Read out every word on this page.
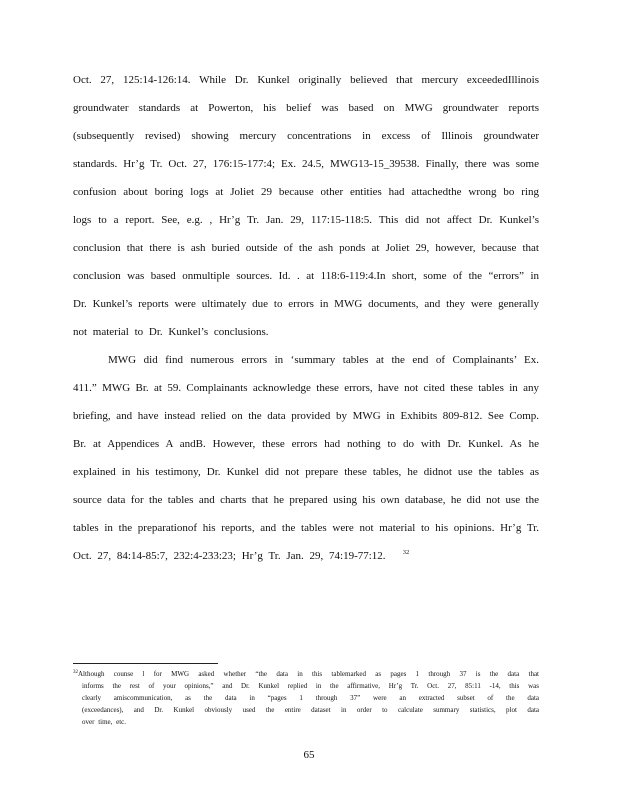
Oct. 27, 125:14-126:14. While Dr. Kunkel originally believed that mercury exceededIllinois
groundwater standards at Powerton, his belief was based on MWG groundwater reports
(subsequently revised) showing mercury concentrations in excess of Illinois groundwater
standards. Hr’g Tr. Oct. 27, 176:15-177:4; Ex. 24.5, MWG13-15_39538. Finally, there was some
confusion about boring logs at Joliet 29 because other entities had attachedthe wrong bo ring
logs to a report. See, e.g. , Hr’g Tr. Jan. 29, 117:15-118:5. This did not affect Dr. Kunkel’s
conclusion that there is ash buried outside of the ash ponds at Joliet 29, however, because that
conclusion was based onmultiple sources. Id. . at 118:6-119:4.In short, some of the “errors” in
Dr. Kunkel’s reports were ultimately due to errors in MWG documents, and they were generally
not material to Dr. Kunkel’s conclusions.
MWG did find numerous errors in ‘summary tables at the end of Complainants’ Ex.
411.” MWG Br. at 59. Complainants acknowledge these errors, have not cited these tables in any
briefing, and have instead relied on the data provided by MWG in Exhibits 809-812. See Comp.
Br. at Appendices A andB. However, these errors had nothing to do with Dr. Kunkel. As he
explained in his testimony, Dr. Kunkel did not prepare these tables, he didnot use the tables as
source data for the tables and charts that he prepared using his own database, he did not use the
tables in the preparationof his reports, and the tables were not material to his opinions. Hr’g Tr.
Oct. 27, 84:14-85:7, 232:4-233:23; Hr’g Tr. Jan. 29, 74:19-77:12.	$^{32}$
$^{32}$Although counse l for MWG asked whether “the data in this tablemarked as pages 1 through 37 is the data that
informs the rest of your opinions,” and Dr. Kunkel replied in the affirmative, Hr’g Tr. Oct. 27, 85:11 -14, this was
clearly amiscommunication, as the data in “pages 1 through 37” were an extracted subset of the data
(exceedances), and Dr. Kunkel obviously used the entire dataset in order to calculate summary statistics, plot data
over time, etc.
65
